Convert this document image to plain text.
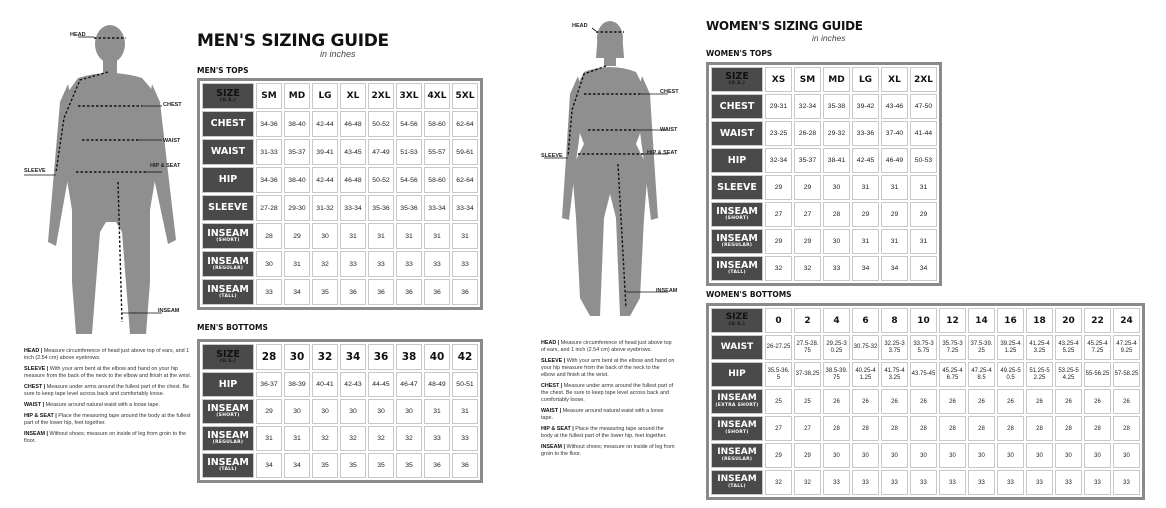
HEAD
CHEST
WAIST
HIP & SEAT
SLEEVE
INSEAM

HEAD | Measure circumference of head just above top of ears, and 1 inch (2.54 cm) above eyebrows.

SLEEVE | With your arm bent at the elbow and hand on your hip measure from the back of the neck to the elbow and finish at the wrist.

CHEST | Measure under arms around the fullest part of the chest. Be sure to keep tape level across back and comfortably loose.

WAIST | Measure around natural waist with a loose tape.

HIP & SEAT | Place the measuring tape around the body at the fullest part of the lower hip, feet together.

INSEAM | Without shoes; measure on inside of leg from groin to the floor.

MEN'S SIZING GUIDE
in inches
MEN'S TOPS
SIZE
(U.S.)	SM	MD	LG	XL	2XL	3XL	4XL	5XL
CHEST	34-36	38-40	42-44	46-48	50-52	54-56	58-60	62-64
WAIST	31-33	35-37	39-41	43-45	47-49	51-53	55-57	59-61
HIP	34-36	38-40	42-44	46-48	50-52	54-56	58-60	62-64
SLEEVE	27-28	29-30	31-32	33-34	35-36	35-36	33-34	33-34
INSEAM
(SHORT)	28	29	30	31	31	31	31	31
INSEAM
(REGULAR)	30	31	32	33	33	33	33	33
INSEAM
(TALL)	33	34	35	36	36	36	36	36
MEN'S BOTTOMS
SIZE
(U.S.)	28	30	32	34	36	38	40	42
HIP	36-37	38-39	40-41	42-43	44-45	46-47	48-49	50-51
INSEAM
(SHORT)	29	30	30	30	30	30	31	31
INSEAM
(REGULAR)	31	31	32	32	32	32	33	33
INSEAM
(TALL)	34	34	35	35	35	35	36	36
HEAD
CHEST
WAIST
HIP & SEAT
SLEEVE
INSEAM

HEAD | Measure circumference of head just above top of ears, and 1 inch (2.54 cm) above eyebrows.

SLEEVE | With your arm bent at the elbow and hand on your hip measure from the back of the neck to the elbow and finish at the wrist.

CHEST | Measure under arms around the fullest part of the chest. Be sure to keep tape level across back and comfortably loose.

WAIST | Measure around natural waist with a loose tape.

HIP & SEAT | Place the measuring tape around the body at the fullest part of the lower hip, feet together.

INSEAM | Without shoes; measure on inside of leg from groin to the floor.

WOMEN'S SIZING GUIDE
in inches
WOMEN'S TOPS
SIZE
(U.S.)	XS	SM	MD	LG	XL	2XL
CHEST	29-31	32-34	35-38	39-42	43-46	47-50
WAIST	23-25	26-28	29-32	33-36	37-40	41-44
HIP	32-34	35-37	38-41	42-45	46-49	50-53
SLEEVE	29	29	30	31	31	31
INSEAM
(SHORT)	27	27	28	29	29	29
INSEAM
(REGULAR)	29	29	30	31	31	31
INSEAM
(TALL)	32	32	33	34	34	34
WOMEN'S BOTTOMS
SIZE
(U.S.)	0	2	4	6	8	10	12	14	16	18	20	22	24
WAIST	26-27.25	27.5-28.75	29.25-30.25	30.75-32	32.25-33.75	33.75-35.75	35.75-37.25	37.5-39.25	39.25-41.25	41.25-43.25	43.25-45.25	45.25-47.25	47.25-49.25
HIP	35.5-36.5	37-38.25	38.5-39.75	40.25-41.25	41.75-43.25	43.75-45	45.25-46.75	47.25-48.5	49.25-50.5	51.25-52.25	53.25-54.25	55-56.25	57-58.25
INSEAM
(EXTRA SHORT)	25	25	26	26	26	26	26	26	26	26	26	26	26
INSEAM
(SHORT)	27	27	28	28	28	28	28	28	28	28	28	28	28
INSEAM
(REGULAR)	29	29	30	30	30	30	30	30	30	30	30	30	30
INSEAM
(TALL)	32	32	33	33	33	33	33	33	33	33	33	33	33
